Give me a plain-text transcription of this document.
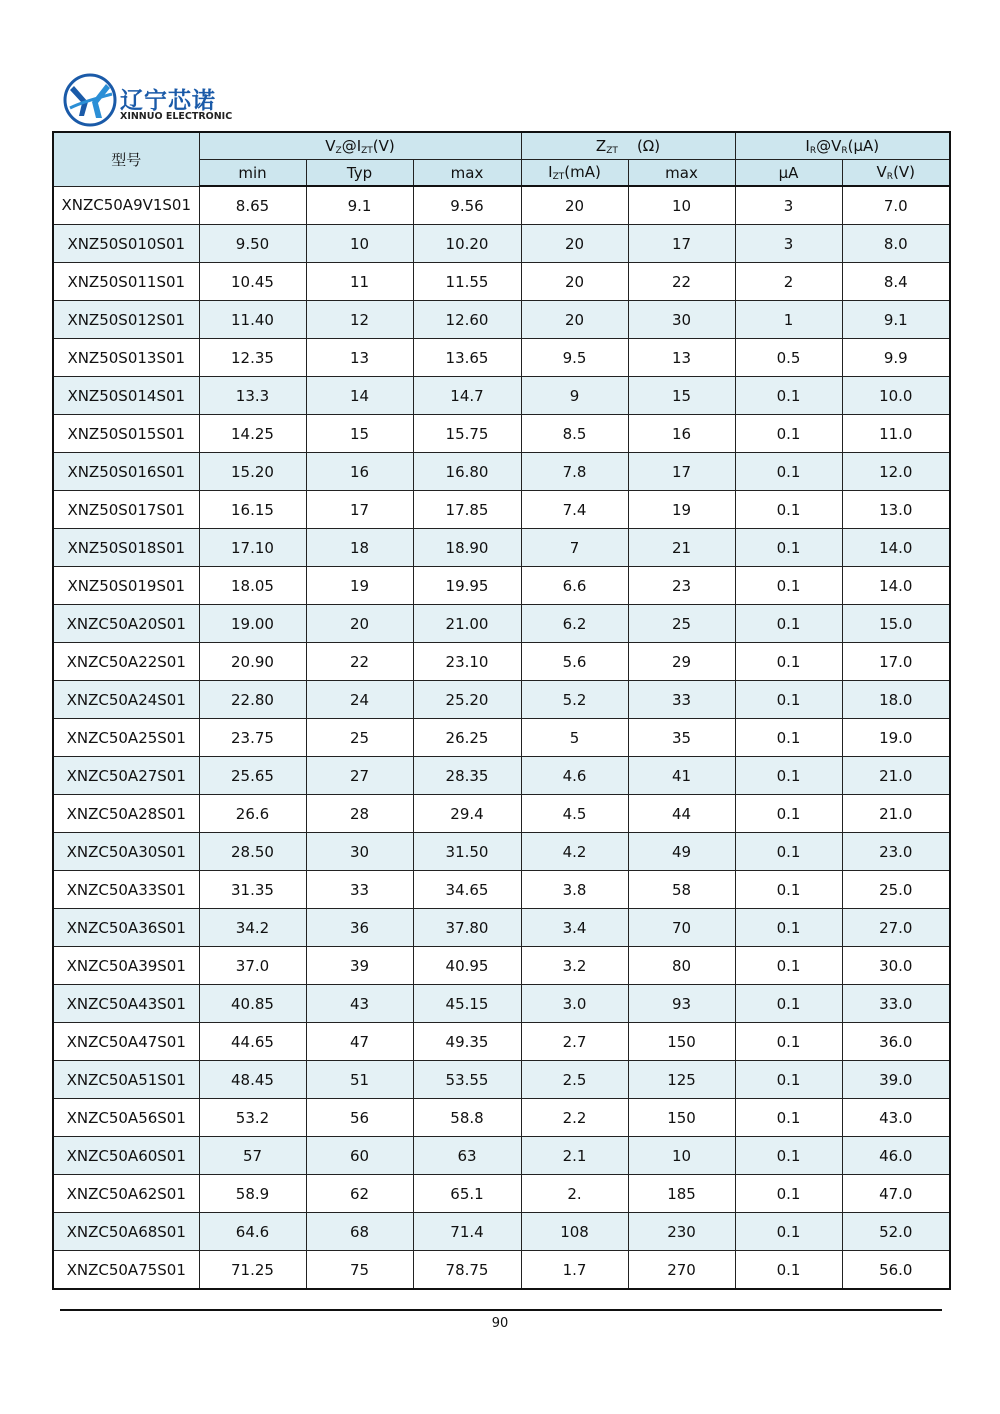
辽宁芯诺
XINNUO ELECTRONIC
型号	$V_Z@I_{ZT}(V)$			$Z_{ZT}$ (Ω)		$I_R@V_R(\mu A)$	
	min	Typ	max	$I_{ZT}(mA)$	max	μA	$V_R(V)$
XNZC50A9V1S01	8.65	9.1	9.56	20	10	3	7.0
XNZ50S010S01	9.50	10	10.20	20	17	3	8.0
XNZ50S011S01	10.45	11	11.55	20	22	2	8.4
XNZ50S012S01	11.40	12	12.60	20	30	1	9.1
XNZ50S013S01	12.35	13	13.65	9.5	13	0.5	9.9
XNZ50S014S01	13.3	14	14.7	9	15	0.1	10.0
XNZ50S015S01	14.25	15	15.75	8.5	16	0.1	11.0
XNZ50S016S01	15.20	16	16.80	7.8	17	0.1	12.0
XNZ50S017S01	16.15	17	17.85	7.4	19	0.1	13.0
XNZ50S018S01	17.10	18	18.90	7	21	0.1	14.0
XNZ50S019S01	18.05	19	19.95	6.6	23	0.1	14.0
XNZC50A20S01	19.00	20	21.00	6.2	25	0.1	15.0
XNZC50A22S01	20.90	22	23.10	5.6	29	0.1	17.0
XNZC50A24S01	22.80	24	25.20	5.2	33	0.1	18.0
XNZC50A25S01	23.75	25	26.25	5	35	0.1	19.0
XNZC50A27S01	25.65	27	28.35	4.6	41	0.1	21.0
XNZC50A28S01	26.6	28	29.4	4.5	44	0.1	21.0
XNZC50A30S01	28.50	30	31.50	4.2	49	0.1	23.0
XNZC50A33S01	31.35	33	34.65	3.8	58	0.1	25.0
XNZC50A36S01	34.2	36	37.80	3.4	70	0.1	27.0
XNZC50A39S01	37.0	39	40.95	3.2	80	0.1	30.0
XNZC50A43S01	40.85	43	45.15	3.0	93	0.1	33.0
XNZC50A47S01	44.65	47	49.35	2.7	150	0.1	36.0
XNZC50A51S01	48.45	51	53.55	2.5	125	0.1	39.0
XNZC50A56S01	53.2	56	58.8	2.2	150	0.1	43.0
XNZC50A60S01	57	60	63	2.1	10	0.1	46.0
XNZC50A62S01	58.9	62	65.1	2.	185	0.1	47.0
XNZC50A68S01	64.6	68	71.4	108	230	0.1	52.0
XNZC50A75S01	71.25	75	78.75	1.7	270	0.1	56.0
90
